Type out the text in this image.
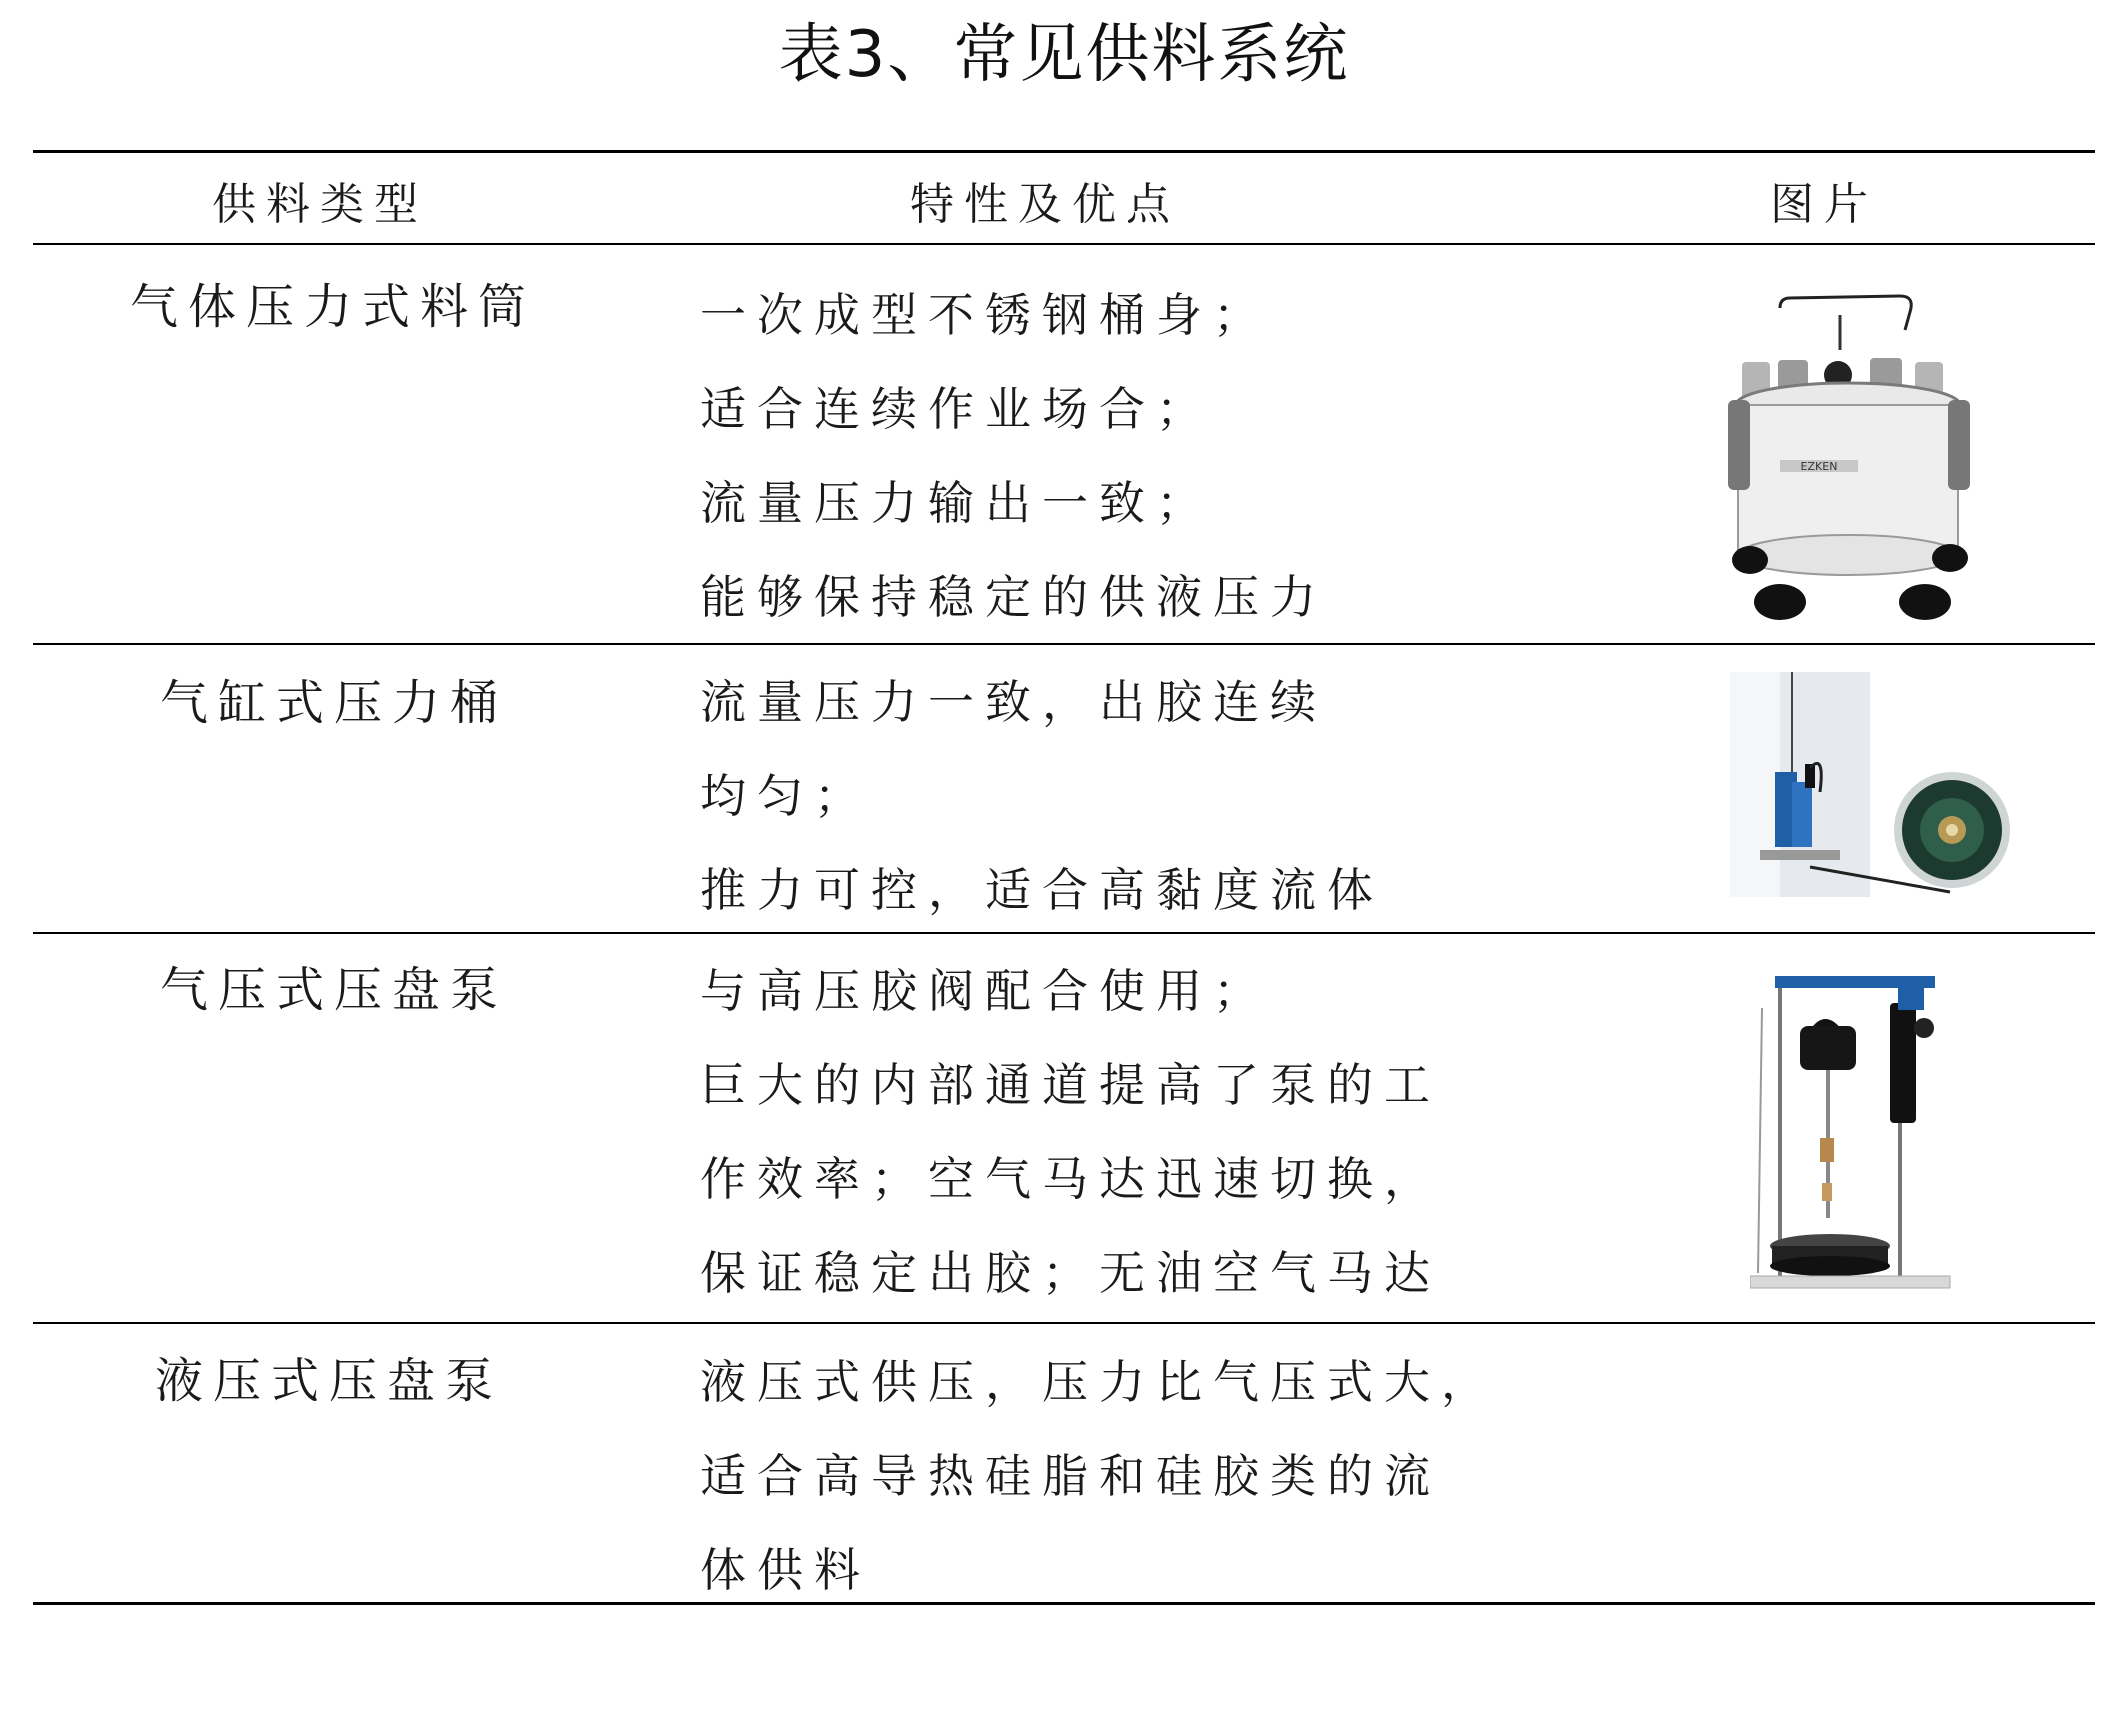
表3、常见供料系统
供料类型	特性及优点	图片
气体压力式料筒	一次成型不锈钢桶身；
适合连续作业场合；
流量压力输出一致；
能够保持稳定的供液压力
EZKEN
气缸式压力桶	流量压力一致，出胶连续
均匀；
推力可控，适合高黏度流体
气压式压盘泵	与高压胶阀配合使用；
巨大的内部通道提高了泵的工
作效率；空气马达迅速切换，
保证稳定出胶；无油空气马达
液压式压盘泵	液压式供压，压力比气压式大，
适合高导热硅脂和硅胶类的流
体供料
